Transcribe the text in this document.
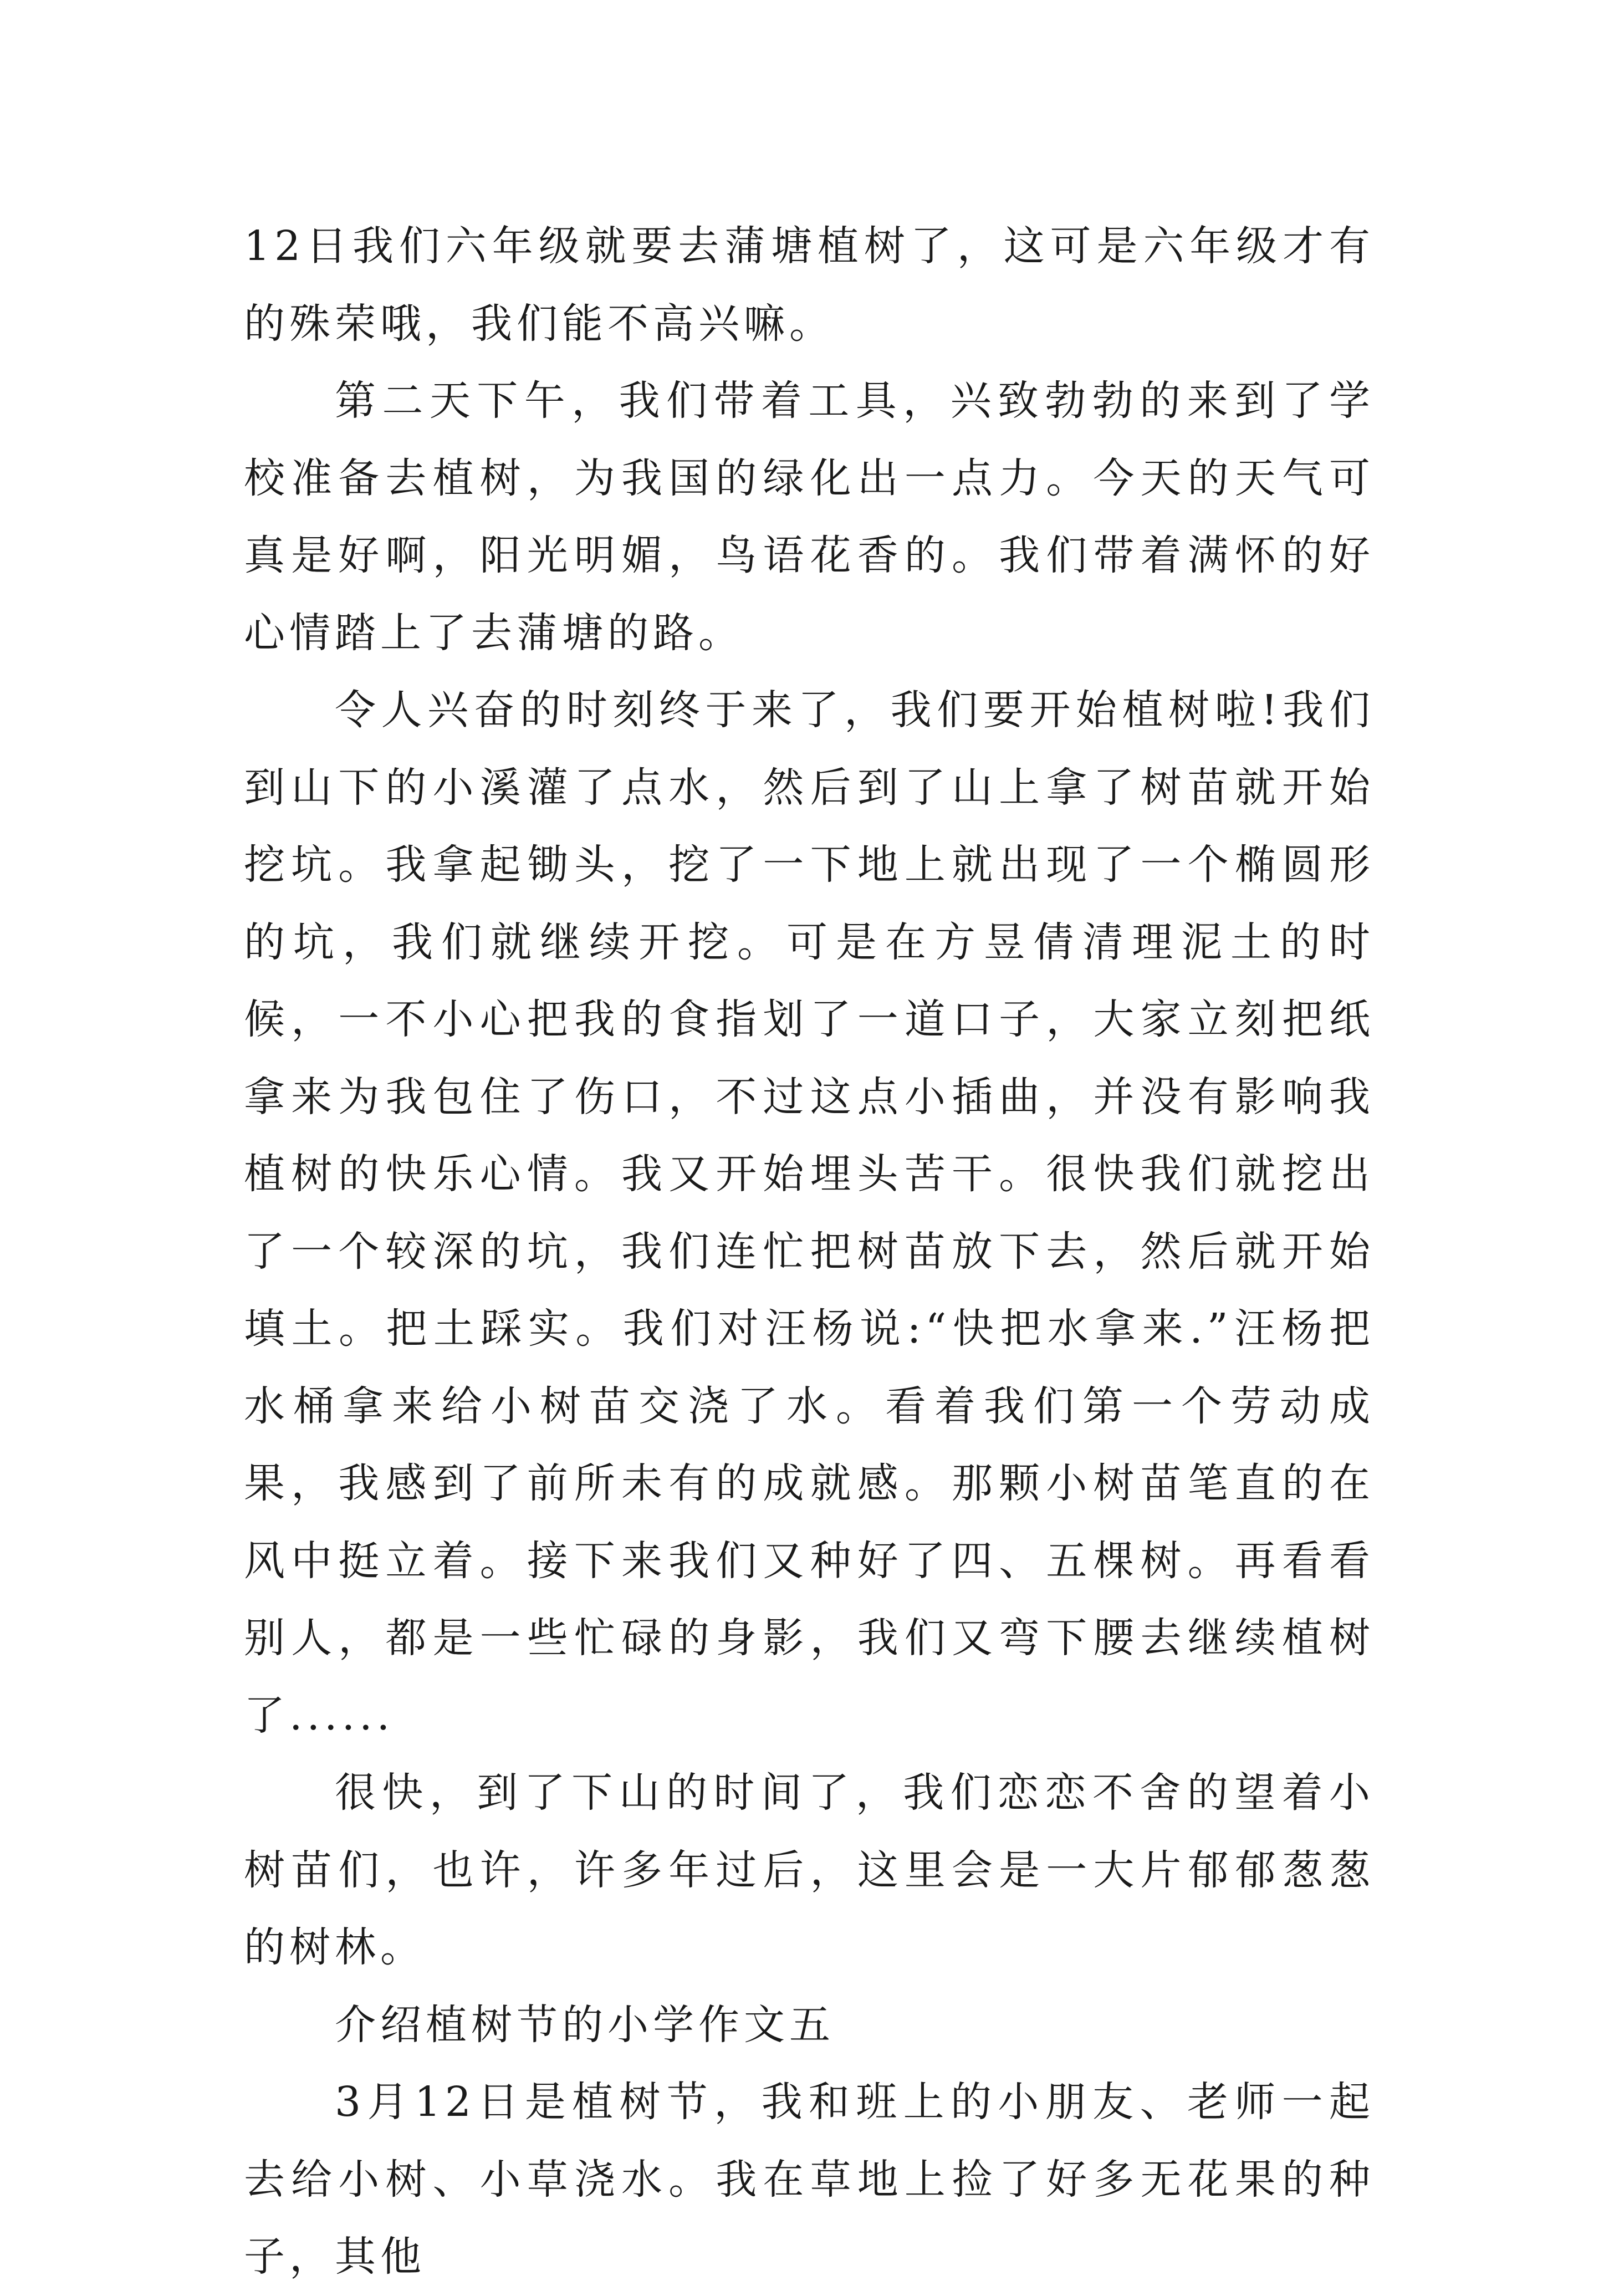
12日我们六年级就要去蒲塘植树了，这可是六年级才有的殊荣哦，我们能不高兴嘛。

第二天下午，我们带着工具，兴致勃勃的来到了学校准备去植树，为我国的绿化出一点力。今天的天气可真是好啊，阳光明媚，鸟语花香的。我们带着满怀的好心情踏上了去蒲塘的路。

令人兴奋的时刻终于来了，我们要开始植树啦!我们到山下的小溪灌了点水，然后到了山上拿了树苗就开始挖坑。我拿起锄头，挖了一下地上就出现了一个椭圆形的坑，我们就继续开挖。可是在方昱倩清理泥土的时候，一不小心把我的食指划了一道口子，大家立刻把纸拿来为我包住了伤口，不过这点小插曲，并没有影响我植树的快乐心情。我又开始埋头苦干。很快我们就挖出了一个较深的坑，我们连忙把树苗放下去，然后就开始填土。把土踩实。我们对汪杨说:“快把水拿来.”汪杨把水桶拿来给小树苗交浇了水。看着我们第一个劳动成果，我感到了前所未有的成就感。那颗小树苗笔直的在风中挺立着。接下来我们又种好了四、五棵树。再看看别人，都是一些忙碌的身影，我们又弯下腰去继续植树了......

很快，到了下山的时间了，我们恋恋不舍的望着小树苗们，也许，许多年过后，这里会是一大片郁郁葱葱的树林。

介绍植树节的小学作文五

3月12日是植树节，我和班上的小朋友、老师一起去给小树、小草浇水。我在草地上捡了好多无花果的种子，其他
